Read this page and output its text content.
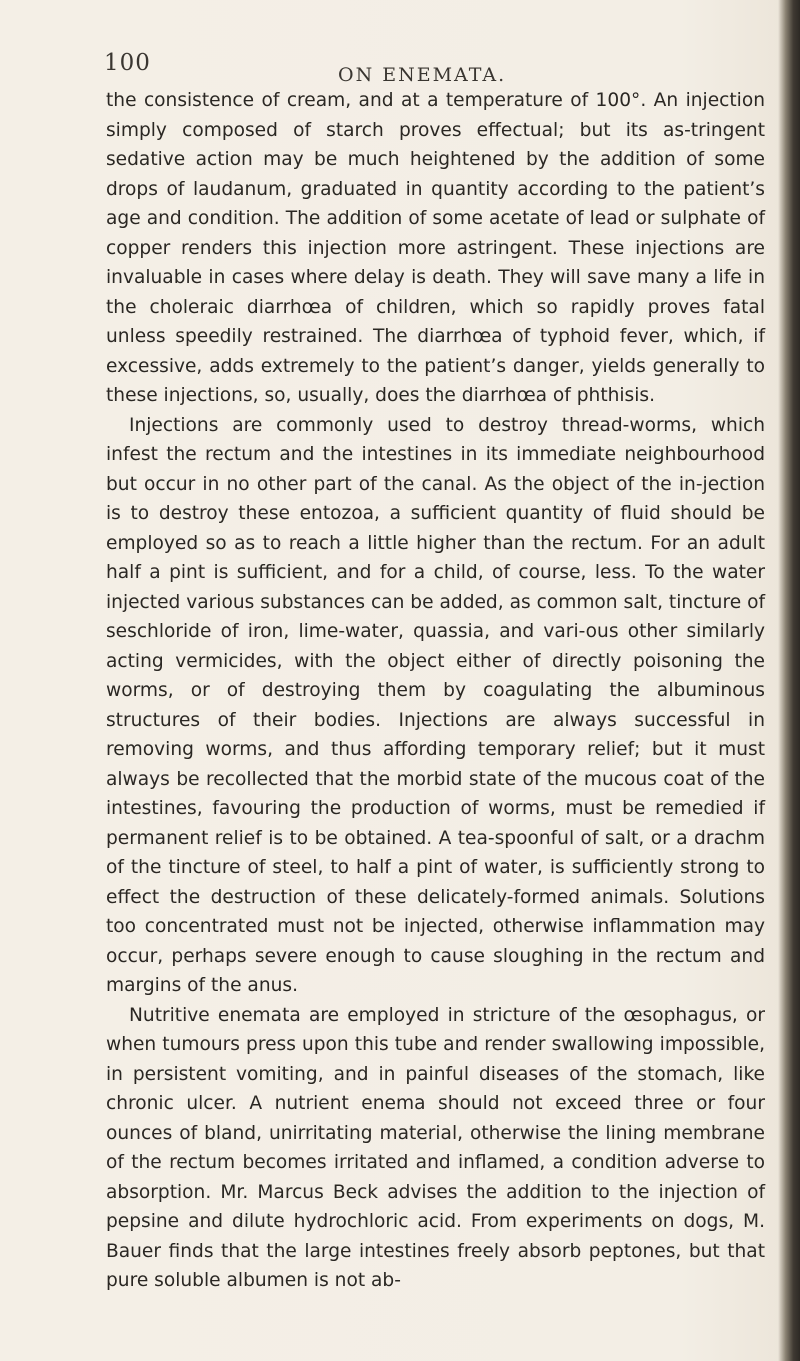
100	ON ENEMATA.

the consistence of cream, and at a temperature of 100°. An injection simply composed of starch proves effectual; but its as-tringent sedative action may be much heightened by the addition of some drops of laudanum, graduated in quantity according to the patient’s age and condition. The addition of some acetate of lead or sulphate of copper renders this injection more astringent. These injections are invaluable in cases where delay is death. They will save many a life in the choleraic diarrhœa of children, which so rapidly proves fatal unless speedily restrained. The diarrhœa of typhoid fever, which, if excessive, adds extremely to the patient’s danger, yields generally to these injections, so, usually, does the diarrhœa of phthisis.

Injections are commonly used to destroy thread-worms, which infest the rectum and the intestines in its immediate neighbourhood but occur in no other part of the canal. As the object of the in-jection is to destroy these entozoa, a sufficient quantity of fluid should be employed so as to reach a little higher than the rectum. For an adult half a pint is sufficient, and for a child, of course, less. To the water injected various substances can be added, as common salt, tincture of seschloride of iron, lime-water, quassia, and vari-ous other similarly acting vermicides, with the object either of directly poisoning the worms, or of destroying them by coagulating the albuminous structures of their bodies. Injections are always successful in removing worms, and thus affording temporary relief; but it must always be recollected that the morbid state of the mucous coat of the intestines, favouring the production of worms, must be remedied if permanent relief is to be obtained. A tea-spoonful of salt, or a drachm of the tincture of steel, to half a pint of water, is sufficiently strong to effect the destruction of these delicately-formed animals. Solutions too concentrated must not be injected, otherwise inflammation may occur, perhaps severe enough to cause sloughing in the rectum and margins of the anus.

Nutritive enemata are employed in stricture of the œsophagus, or when tumours press upon this tube and render swallowing impossible, in persistent vomiting, and in painful diseases of the stomach, like chronic ulcer. A nutrient enema should not exceed three or four ounces of bland, unirritating material, otherwise the lining membrane of the rectum becomes irritated and inflamed, a condition adverse to absorption. Mr. Marcus Beck advises the addition to the injection of pepsine and dilute hydrochloric acid. From experiments on dogs, M. Bauer finds that the large intestines freely absorb peptones, but that pure soluble albumen is not ab-
